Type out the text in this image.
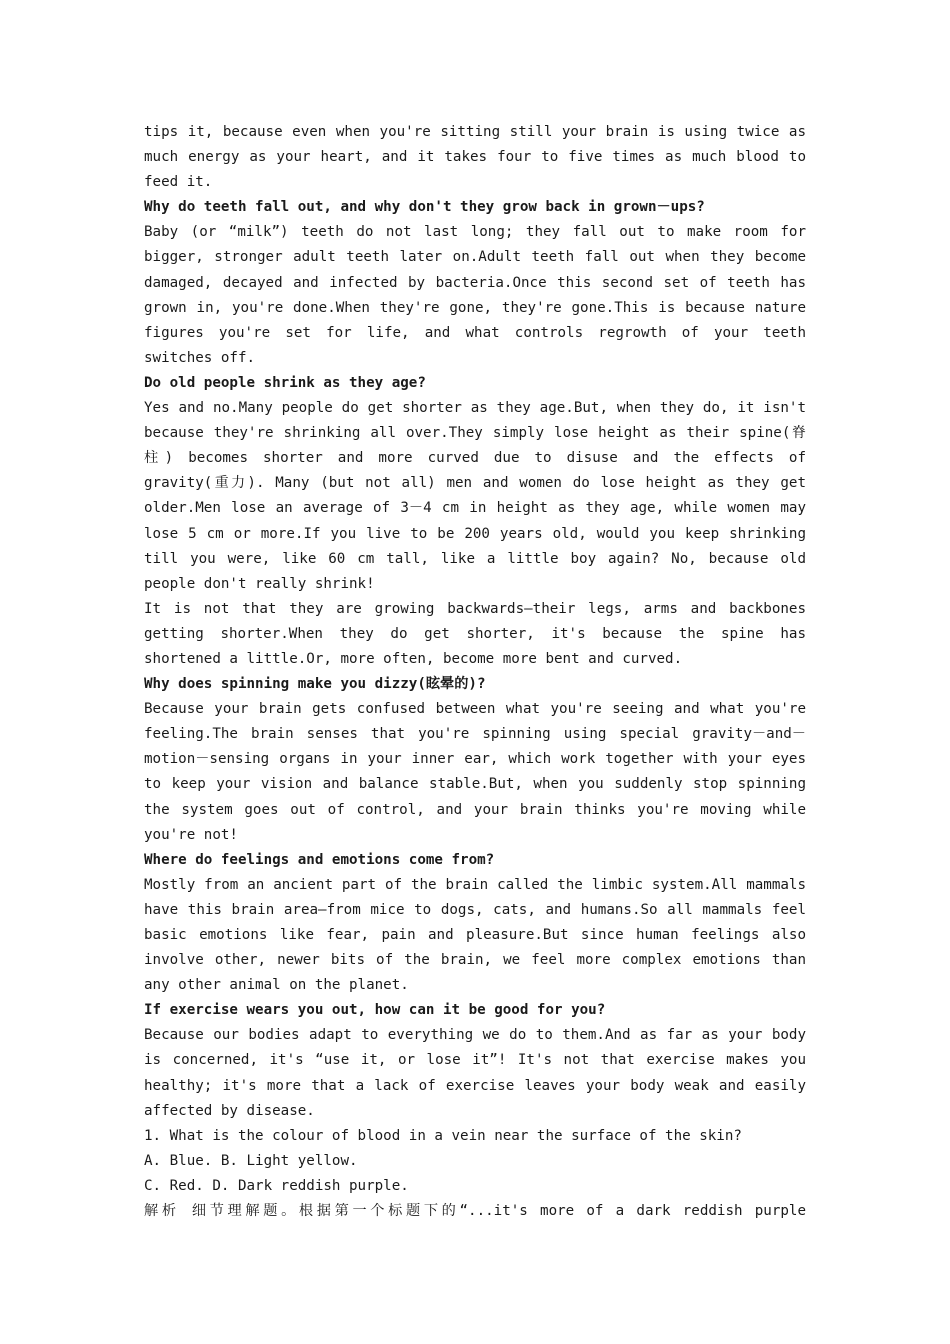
tips it, because even when you're sitting still your brain is using twice as much energy as your heart, and it takes four to five times as much blood to feed it.

Why do teeth fall out, and why don't they grow back in grown－ups?

Baby (or “milk”) teeth do not last long; they fall out to make room for bigger, stronger adult teeth later on.Adult teeth fall out when they become damaged, decayed and infected by bacteria.Once this second set of teeth has grown in, you're done.When they're gone, they're gone.This is because nature figures you're set for life, and what controls regrowth of your teeth switches off.

Do old people shrink as they age?

Yes and no.Many people do get shorter as they age.But, when they do, it isn't because they're shrinking all over.They simply lose height as their spine(脊柱) becomes shorter and more curved due to disuse and the effects of gravity(重力). Many (but not all) men and women do lose height as they get older.Men lose an average of 3－4 cm in height as they age, while women may lose 5 cm or more.If you live to be 200 years old, would you keep shrinking till you were, like 60 cm tall, like a little boy again? No, because old people don't really shrink!

It is not that they are growing backwards—their legs, arms and backbones getting shorter.When they do get shorter, it's because the spine has shortened a little.Or, more often, become more bent and curved.

Why does spinning make you dizzy(眩晕的)?

Because your brain gets confused between what you're seeing and what you're feeling.The brain senses that you're spinning using special gravity－and－motion－sensing organs in your inner ear, which work together with your eyes to keep your vision and balance stable.But, when you suddenly stop spinning the system goes out of control, and your brain thinks you're moving while you're not!

Where do feelings and emotions come from?

Mostly from an ancient part of the brain called the limbic system.All mammals have this brain area—from mice to dogs, cats, and humans.So all mammals feel basic emotions like fear, pain and pleasure.But since human feelings also involve other, newer bits of the brain, we feel more complex emotions than any other animal on the planet.

If exercise wears you out, how can it be good for you?

Because our bodies adapt to everything we do to them.And as far as your body is concerned, it's “use it, or lose it”! It's not that exercise makes you healthy; it's more that a lack of exercise leaves your body weak and easily affected by disease.

1. What is the colour of blood in a vein near the surface of the skin?

A. Blue. B. Light yellow.

C. Red. D. Dark reddish purple.

解析 细节理解题。根据第一个标题下的“...it's more of a dark reddish purple
